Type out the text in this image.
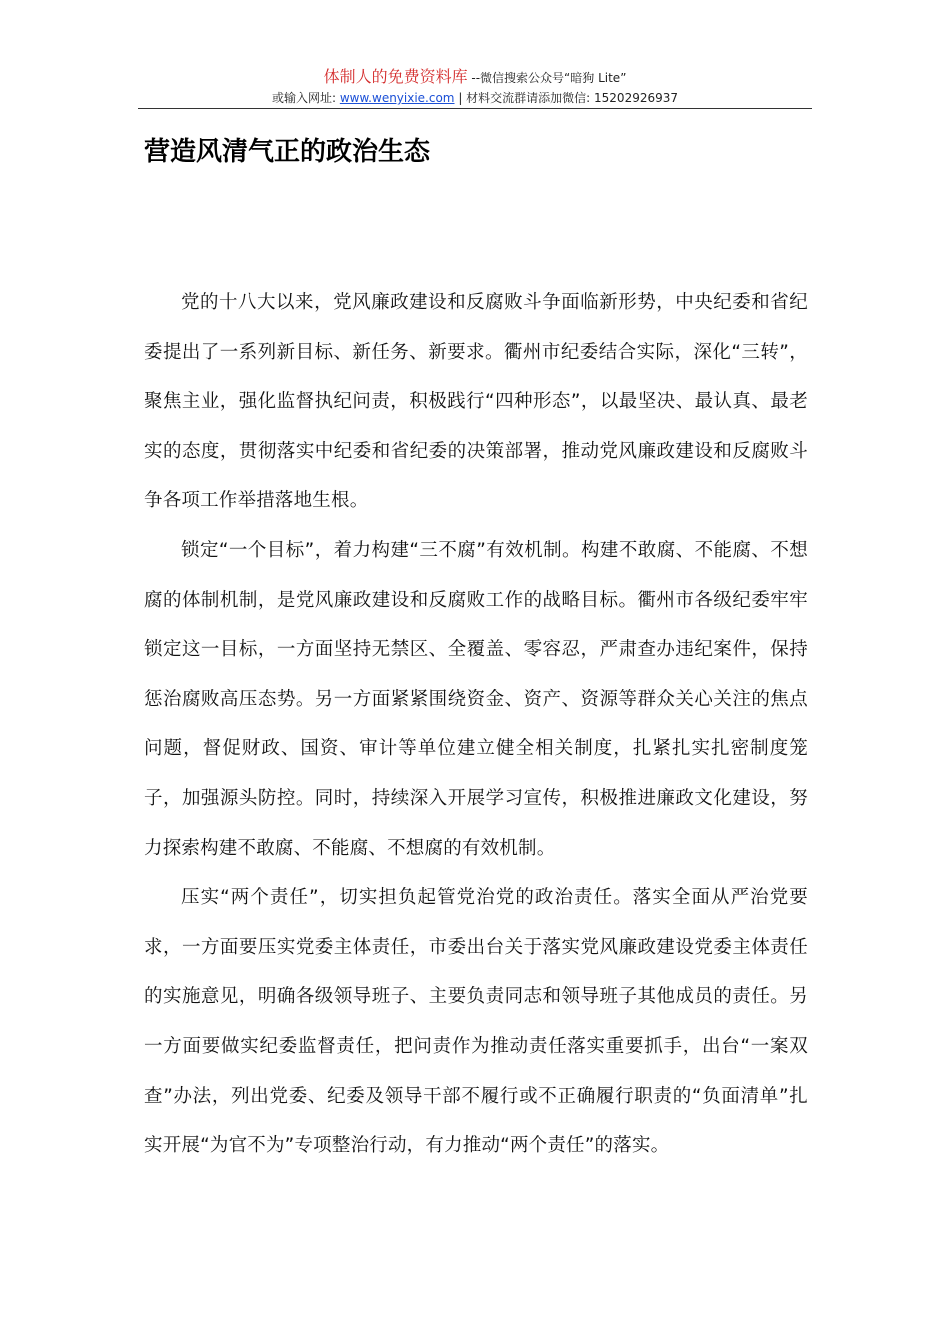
体制人的免费资料库 --微信搜索公众号“暗狗 Lite”
或输入网址: www.wenyixie.com | 材料交流群请添加微信: 15202926937
营造风清气正的政治生态

党的十八大以来，党风廉政建设和反腐败斗争面临新形势，中央纪委和省纪委提出了一系列新目标、新任务、新要求。衢州市纪委结合实际，深化“三转”，聚焦主业，强化监督执纪问责，积极践行“四种形态”，以最坚决、最认真、最老实的态度，贯彻落实中纪委和省纪委的决策部署，推动党风廉政建设和反腐败斗争各项工作举措落地生根。

锁定“一个目标”，着力构建“三不腐”有效机制。构建不敢腐、不能腐、不想腐的体制机制，是党风廉政建设和反腐败工作的战略目标。衢州市各级纪委牢牢锁定这一目标，一方面坚持无禁区、全覆盖、零容忍，严肃查办违纪案件，保持惩治腐败高压态势。另一方面紧紧围绕资金、资产、资源等群众关心关注的焦点问题，督促财政、国资、审计等单位建立健全相关制度，扎紧扎实扎密制度笼子，加强源头防控。同时，持续深入开展学习宣传，积极推进廉政文化建设，努力探索构建不敢腐、不能腐、不想腐的有效机制。

压实“两个责任”，切实担负起管党治党的政治责任。落实全面从严治党要求，一方面要压实党委主体责任，市委出台关于落实党风廉政建设党委主体责任的实施意见，明确各级领导班子、主要负责同志和领导班子其他成员的责任。另一方面要做实纪委监督责任，把问责作为推动责任落实重要抓手，出台“一案双查”办法，列出党委、纪委及领导干部不履行或不正确履行职责的“负面清单”扎实开展“为官不为”专项整治行动，有力推动“两个责任”的落实。
